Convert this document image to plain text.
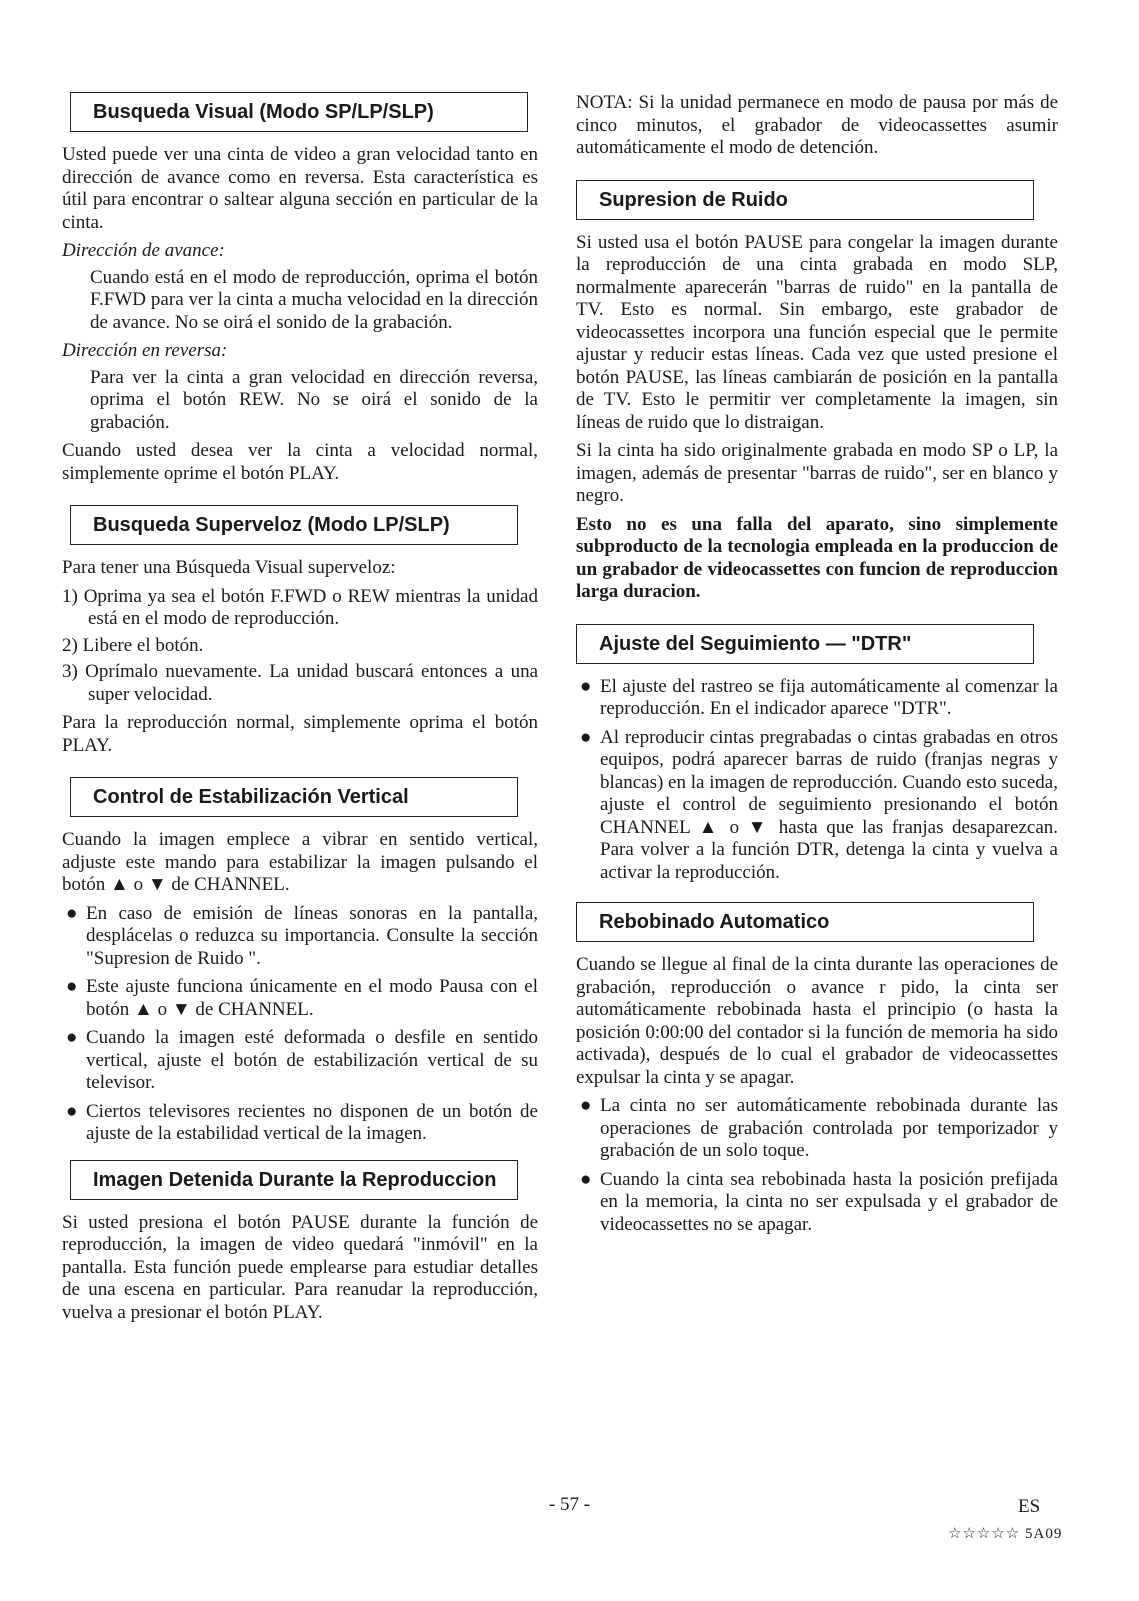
Busqueda Visual (Modo SP/LP/SLP)

Usted puede ver una cinta de video a gran velocidad tanto en dirección de avance como en reversa. Esta característica es útil para encontrar o saltear alguna sección en particular de la cinta.

Dirección de avance:

Cuando está en el modo de reproducción, oprima el botón F.FWD para ver la cinta a mucha velocidad en la dirección de avance. No se oirá el sonido de la grabación.

Dirección en reversa:

Para ver la cinta a gran velocidad en dirección reversa, oprima el botón REW. No se oirá el sonido de la grabación.

Cuando usted desea ver la cinta a velocidad normal, simplemente oprime el botón PLAY.

Busqueda Superveloz (Modo LP/SLP)

Para tener una Búsqueda Visual superveloz:

1) Oprima ya sea el botón F.FWD o REW mientras la unidad está en el modo de reproducción.
2) Libere el botón.
3) Oprímalo nuevamente. La unidad buscará entonces a una super velocidad.

Para la reproducción normal, simplemente oprima el botón PLAY.

Control de Estabilización Vertical

Cuando la imagen emplece a vibrar en sentido vertical, adjuste este mando para estabilizar la imagen pulsando el botón ▲ o ▼ de CHANNEL.

● En caso de emisión de líneas sonoras en la pantalla, desplácelas o reduzca su importancia. Consulte la sección "Supresion de Ruido ".
● Este ajuste funciona únicamente en el modo Pausa con el botón ▲ o ▼ de CHANNEL.
● Cuando la imagen esté deformada o desfile en sentido vertical, ajuste el botón de estabilización vertical de su televisor.
● Ciertos televisores recientes no disponen de un botón de ajuste de la estabilidad vertical de la imagen.
Imagen Detenida Durante la Reproduccion

Si usted presiona el botón PAUSE durante la función de reproducción, la imagen de video quedará "inmóvil" en la pantalla. Esta función puede emplearse para estudiar detalles de una escena en particular. Para reanudar la reproducción, vuelva a presionar el botón PLAY.

NOTA: Si la unidad permanece en modo de pausa por más de cinco minutos, el grabador de videocassettes asumir automáticamente el modo de detención.

Supresion de Ruido

Si usted usa el botón PAUSE para congelar la imagen durante la reproducción de una cinta grabada en modo SLP, normalmente aparecerán "barras de ruido" en la pantalla de TV. Esto es normal. Sin embargo, este grabador de videocassettes incorpora una función especial que le permite ajustar y reducir estas líneas. Cada vez que usted presione el botón PAUSE, las líneas cambiarán de posición en la pantalla de TV. Esto le permitir ver completamente la imagen, sin líneas de ruido que lo distraigan.

Si la cinta ha sido originalmente grabada en modo SP o LP, la imagen, además de presentar "barras de ruido", ser en blanco y negro.

Esto no es una falla del aparato, sino simplemente subproducto de la tecnologia empleada en la produccion de un grabador de videocassettes con funcion de reproduccion larga duracion.

Ajuste del Seguimiento — "DTR"
● El ajuste del rastreo se fija automáticamente al comenzar la reproducción. En el indicador aparece "DTR".
● Al reproducir cintas pregrabadas o cintas grabadas en otros equipos, podrá aparecer barras de ruido (franjas negras y blancas) en la imagen de reproducción. Cuando esto suceda, ajuste el control de seguimiento presionando el botón CHANNEL ▲ o ▼ hasta que las franjas desaparezcan. Para volver a la función DTR, detenga la cinta y vuelva a activar la reproducción.
Rebobinado Automatico

Cuando se llegue al final de la cinta durante las operaciones de grabación, reproducción o avance r pido, la cinta ser automáticamente rebobinada hasta el principio (o hasta la posición 0:00:00 del contador si la función de memoria ha sido activada), después de lo cual el grabador de videocassettes expulsar la cinta y se apagar.

● La cinta no ser automáticamente rebobinada durante las operaciones de grabación controlada por temporizador y grabación de un solo toque.
● Cuando la cinta sea rebobinada hasta la posición prefijada en la memoria, la cinta no ser expulsada y el grabador de videocassettes no se apagar.
- 57 -	ES
☆☆☆☆☆ 5A09
